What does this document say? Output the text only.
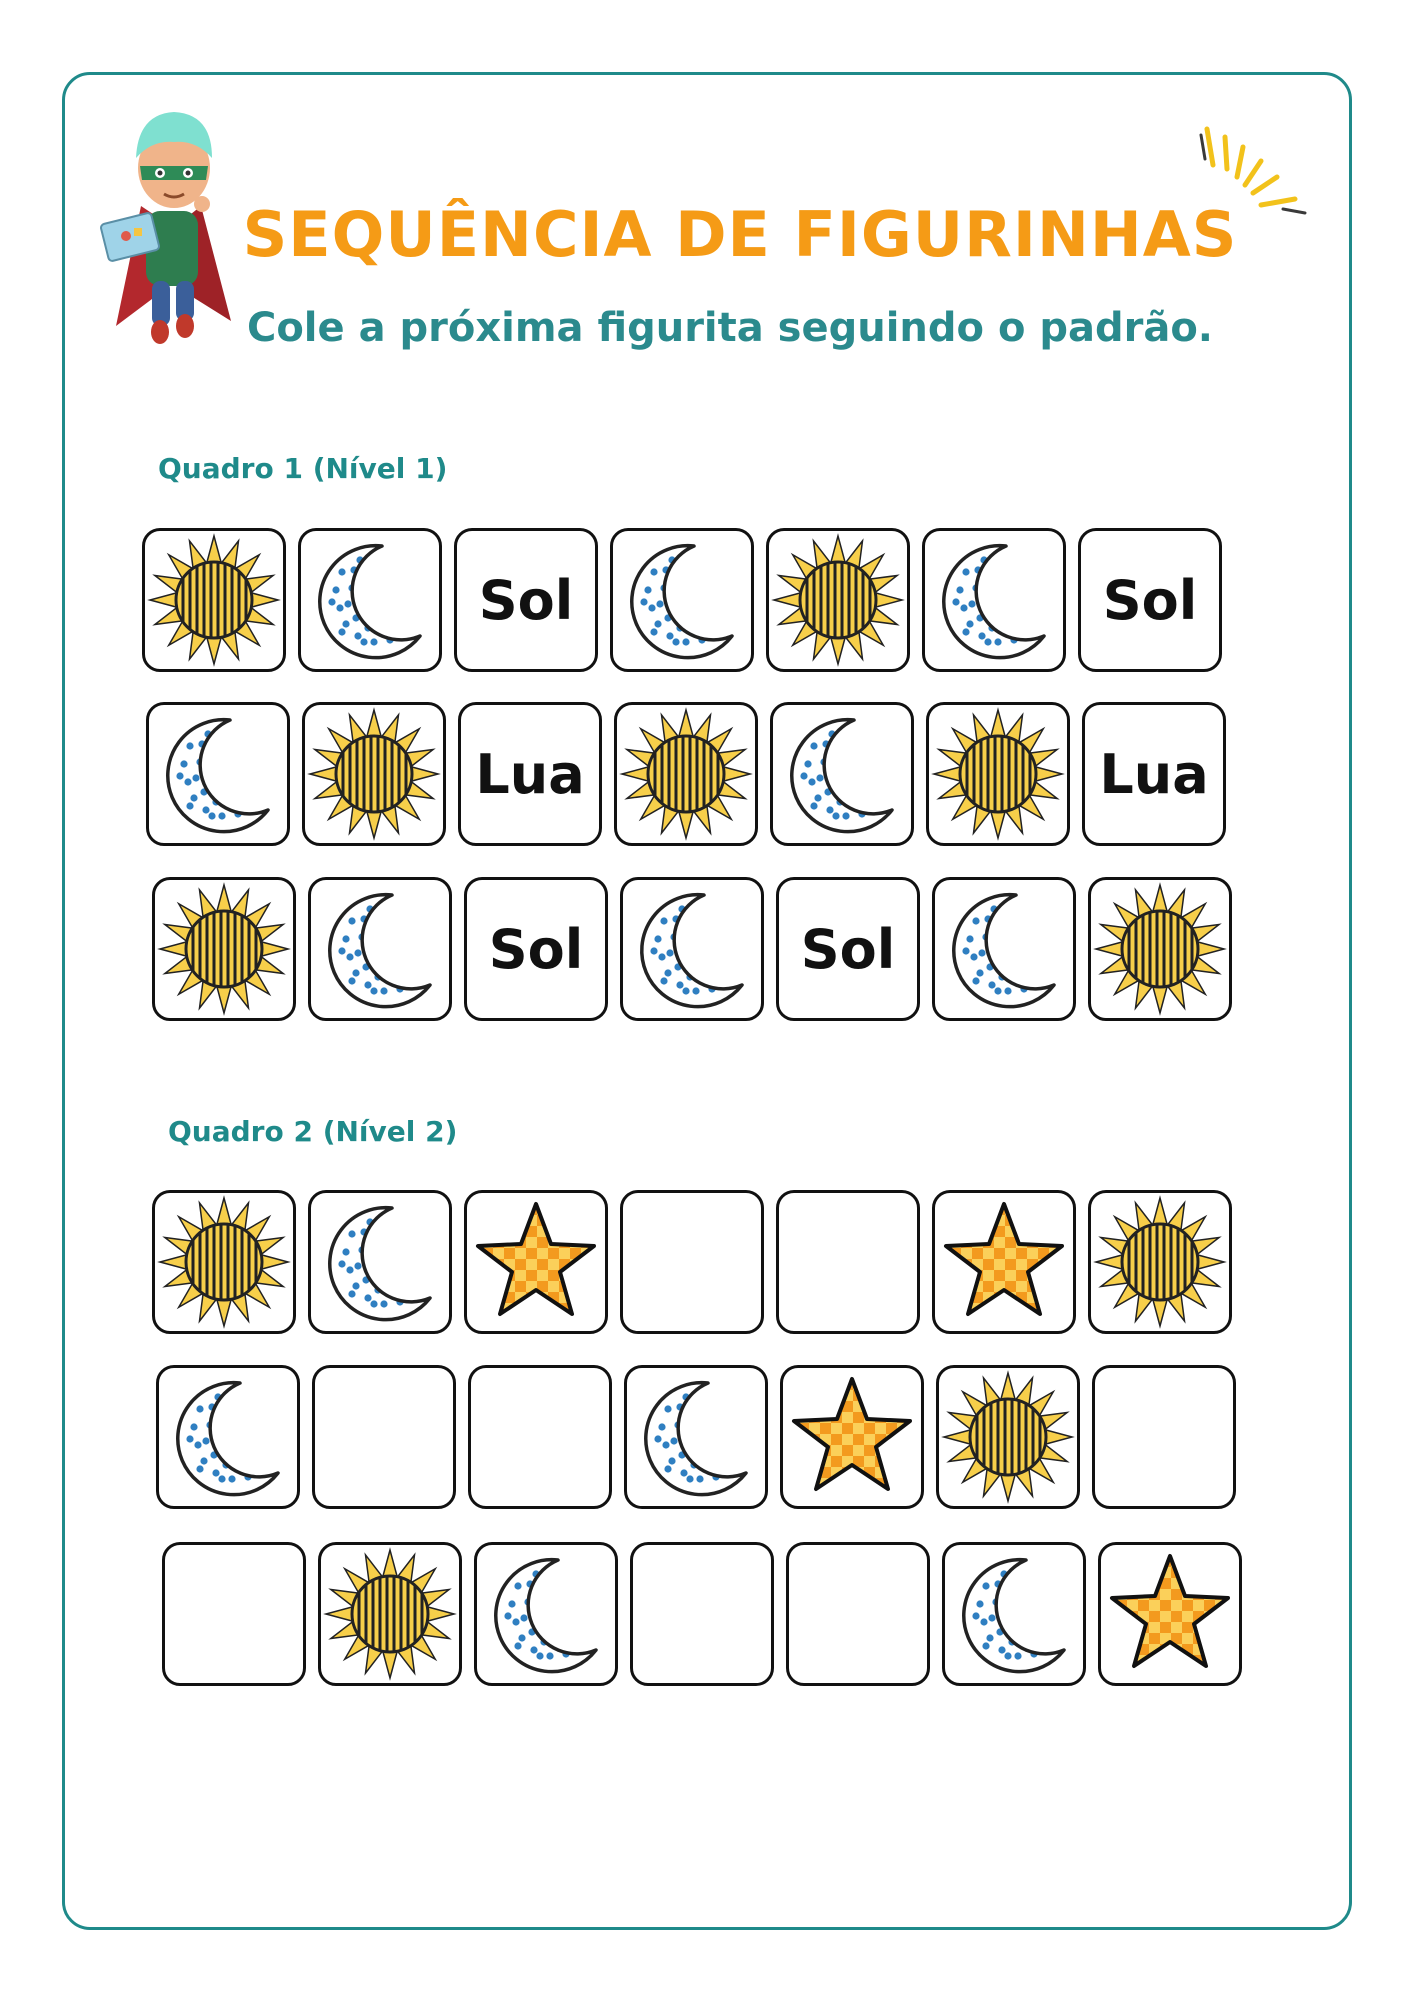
SEQUÊNCIA DE FIGURINHAS
Cole a próxima figurita seguindo o padrão.
Quadro 1 (Nível 1)
Sol	Sol
Lua	Lua
Sol	Sol
Quadro 2 (Nível 2)
